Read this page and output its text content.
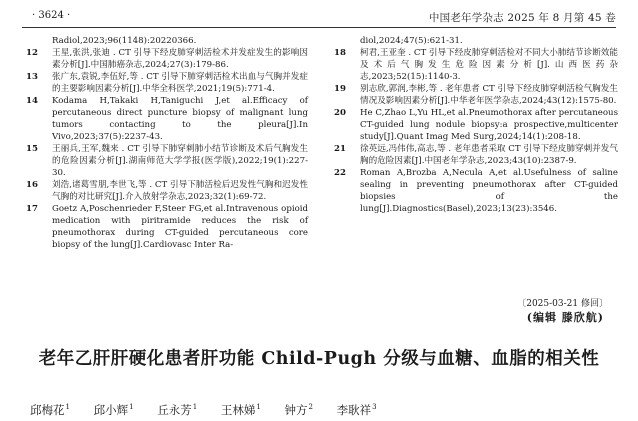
· 3624 ·	中国老年学杂志 2025 年 8 月第 45 卷
Radiol,2023;96(1148):20220366.
12	王星,张洪,张迪 . CT 引导下经皮肺穿刺活检术并发症发生的影响因素分析[J].中国肺癌杂志,2024;27(3):179-86.
13	张广东,袁锐,李伍好,等 . CT 引导下肺穿刺活检术出血与气胸并发症的主要影响因素分析[J].中华全科医学,2021;19(5):771-4.
14	Kodama H,Takaki H,Taniguchi J,et al.Efficacy of percutaneous direct puncture biopsy of malignant lung tumors contacting to the pleura[J].In Vivo,2023;37(5):2237-43.
15	王丽兵,王军,魏来 . CT 引导下肺穿刺肺小结节诊断及术后气胸发生的危险因素分析[J].湖南师范大学学报(医学版),2022;19(1):227-30.
16	刘浩,诸葛雪朋,李世飞,等 . CT 引导下肺活检后迟发性气胸和迟发性气胸的对比研究[J].介入放射学杂志,2023;32(1):69-72.
17	Goetz A,Poschenrieder F,Steer FG,et al.Intravenous opioid medication with piritramide reduces the risk of pneumothorax during CT-guided percutaneous core biopsy of the lung[J].Cardiovasc Inter Ra-
diol,2024;47(5):621-31.
18	柯君,王亚奎 . CT 引导下经皮肺穿刺活检对不同大小肺结节诊断效能及术后气胸发生危险因素分析[J].山西医药杂志,2023;52(15):1140-3.
19	别志欣,郭润,李彬,等 . 老年患者 CT 引导下经皮肺穿刺活检气胸发生情况及影响因素分析[J].中华老年医学杂志,2024;43(12):1575-80.
20	He C,Zhao L,Yu HL,et al.Pneumothorax after percutaneous CT-guided lung nodule biopsy:a prospective,multicenter study[J].Quant Imag Med Surg,2024;14(1):208-18.
21	徐英远,冯伟伟,高志,等 . 老年患者采取 CT 引导下经皮肺穿刺并发气胸的危险因素[J].中国老年学杂志,2023;43(10):2387-9.
22	Roman A,Brozba A,Necula A,et al.Usefulness of saline sealing in preventing pneumothorax after CT-guided biopsies of the lung[J].Diagnostics(Basel),2023;13(23):3546.
〔2025-03-21 修回〕
(编辑 滕欣航)
老年乙肝肝硬化患者肝功能 Child-Pugh 分级与血糖、血脂的相关性
邱梅花$^1$ 邱小辉$^1$ 丘永芳$^1$ 王林娣$^1$ 钟方$^2$ 李耿祥$^3$
